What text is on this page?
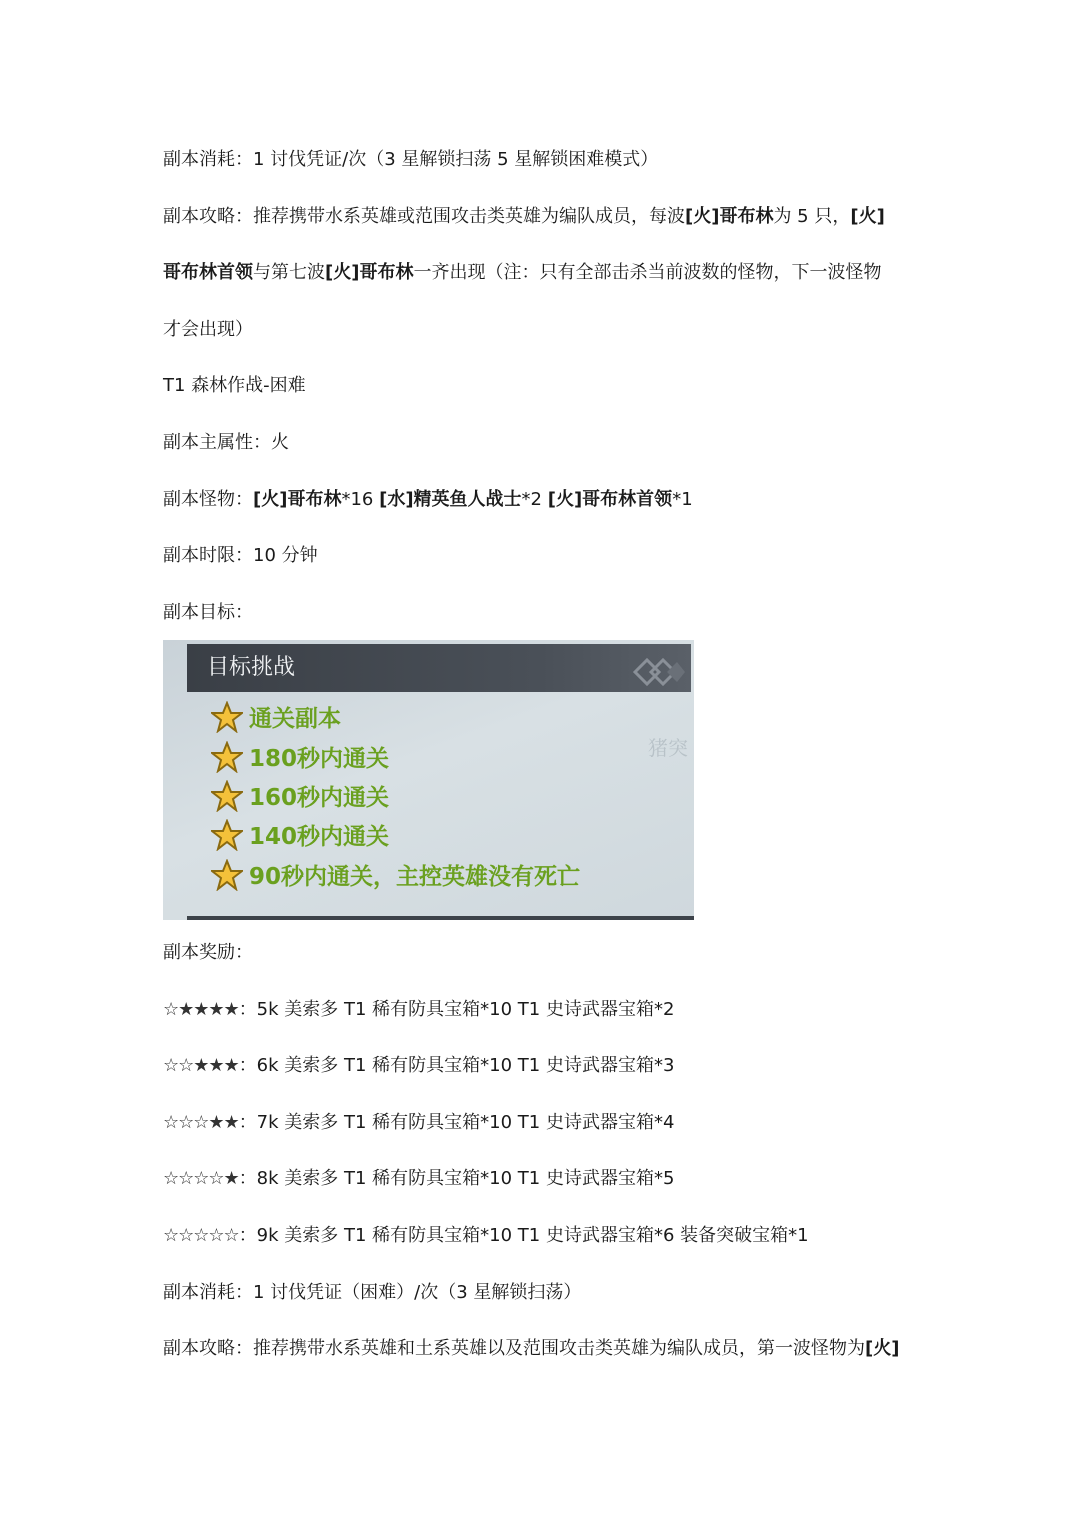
副本消耗：1 讨伐凭证/次（3 星解锁扫荡 5 星解锁困难模式）
副本攻略：推荐携带水系英雄或范围攻击类英雄为编队成员，每波[火]哥布林为 5 只，[火]
哥布林首领与第七波[火]哥布林一齐出现（注：只有全部击杀当前波数的怪物，下一波怪物
才会出现）
T1 森林作战-困难
副本主属性：火
副本怪物：[火]哥布林*16 [水]精英鱼人战士*2 [火]哥布林首领*1
副本时限：10 分钟
副本目标：
目标挑战
猪突
通关副本
180秒内通关
160秒内通关
140秒内通关
90秒内通关，主控英雄没有死亡
副本奖励：
☆★★★★：5k 美索多 T1 稀有防具宝箱*10 T1 史诗武器宝箱*2
☆☆★★★：6k 美索多 T1 稀有防具宝箱*10 T1 史诗武器宝箱*3
☆☆☆★★：7k 美索多 T1 稀有防具宝箱*10 T1 史诗武器宝箱*4
☆☆☆☆★：8k 美索多 T1 稀有防具宝箱*10 T1 史诗武器宝箱*5
☆☆☆☆☆：9k 美索多 T1 稀有防具宝箱*10 T1 史诗武器宝箱*6 装备突破宝箱*1
副本消耗：1 讨伐凭证（困难）/次（3 星解锁扫荡）
副本攻略：推荐携带水系英雄和土系英雄以及范围攻击类英雄为编队成员，第一波怪物为[火]
